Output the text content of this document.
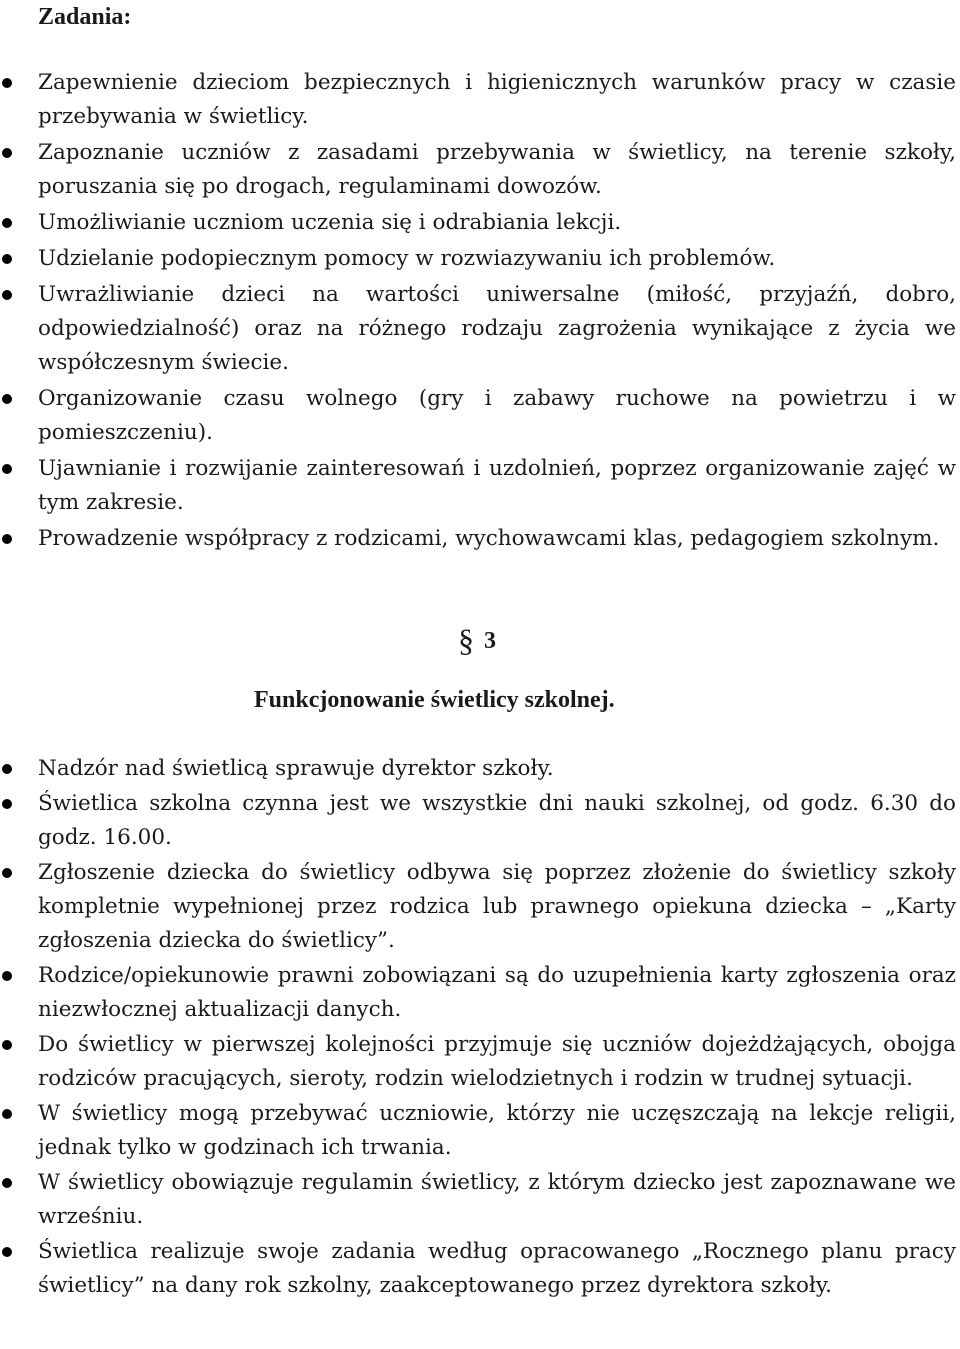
Zadania:
Zapewnienie dzieciom bezpiecznych i higienicznych warunków pracy w czasie przebywania w świetlicy.
Zapoznanie uczniów z zasadami przebywania w świetlicy, na terenie szkoły, poruszania się po drogach, regulaminami dowozów.
Umożliwianie uczniom uczenia się i odrabiania lekcji.
Udzielanie podopiecznym pomocy w rozwiazywaniu ich problemów.
Uwrażliwianie dzieci na wartości uniwersalne (miłość, przyjaźń, dobro, odpowiedzialność) oraz na różnego rodzaju zagrożenia wynikające z życia we współczesnym świecie.
Organizowanie czasu wolnego (gry i zabawy ruchowe na powietrzu i w pomieszczeniu).
Ujawnianie i rozwijanie zainteresowań i uzdolnień, poprzez organizowanie zajęć w tym zakresie.
Prowadzenie współpracy z rodzicami, wychowawcami klas, pedagogiem szkolnym.
§ 3
Funkcjonowanie świetlicy szkolnej.
Nadzór nad świetlicą sprawuje dyrektor szkoły.
Świetlica szkolna czynna jest we wszystkie dni nauki szkolnej, od godz. 6.30 do godz. 16.00.
Zgłoszenie dziecka do świetlicy odbywa się poprzez złożenie do świetlicy szkoły kompletnie wypełnionej przez rodzica lub prawnego opiekuna dziecka – „Karty zgłoszenia dziecka do świetlicy”.
Rodzice/opiekunowie prawni zobowiązani są do uzupełnienia karty zgłoszenia oraz niezwłocznej aktualizacji danych.
Do świetlicy w pierwszej kolejności przyjmuje się uczniów dojeżdżających, obojga rodziców pracujących, sieroty, rodzin wielodzietnych i rodzin w trudnej sytuacji.
W świetlicy mogą przebywać uczniowie, którzy nie uczęszczają na lekcje religii, jednak tylko w godzinach ich trwania.
W świetlicy obowiązuje regulamin świetlicy, z którym dziecko jest zapoznawane we wrześniu.
Świetlica realizuje swoje zadania według opracowanego „Rocznego planu pracy świetlicy” na dany rok szkolny, zaakceptowanego przez dyrektora szkoły.
